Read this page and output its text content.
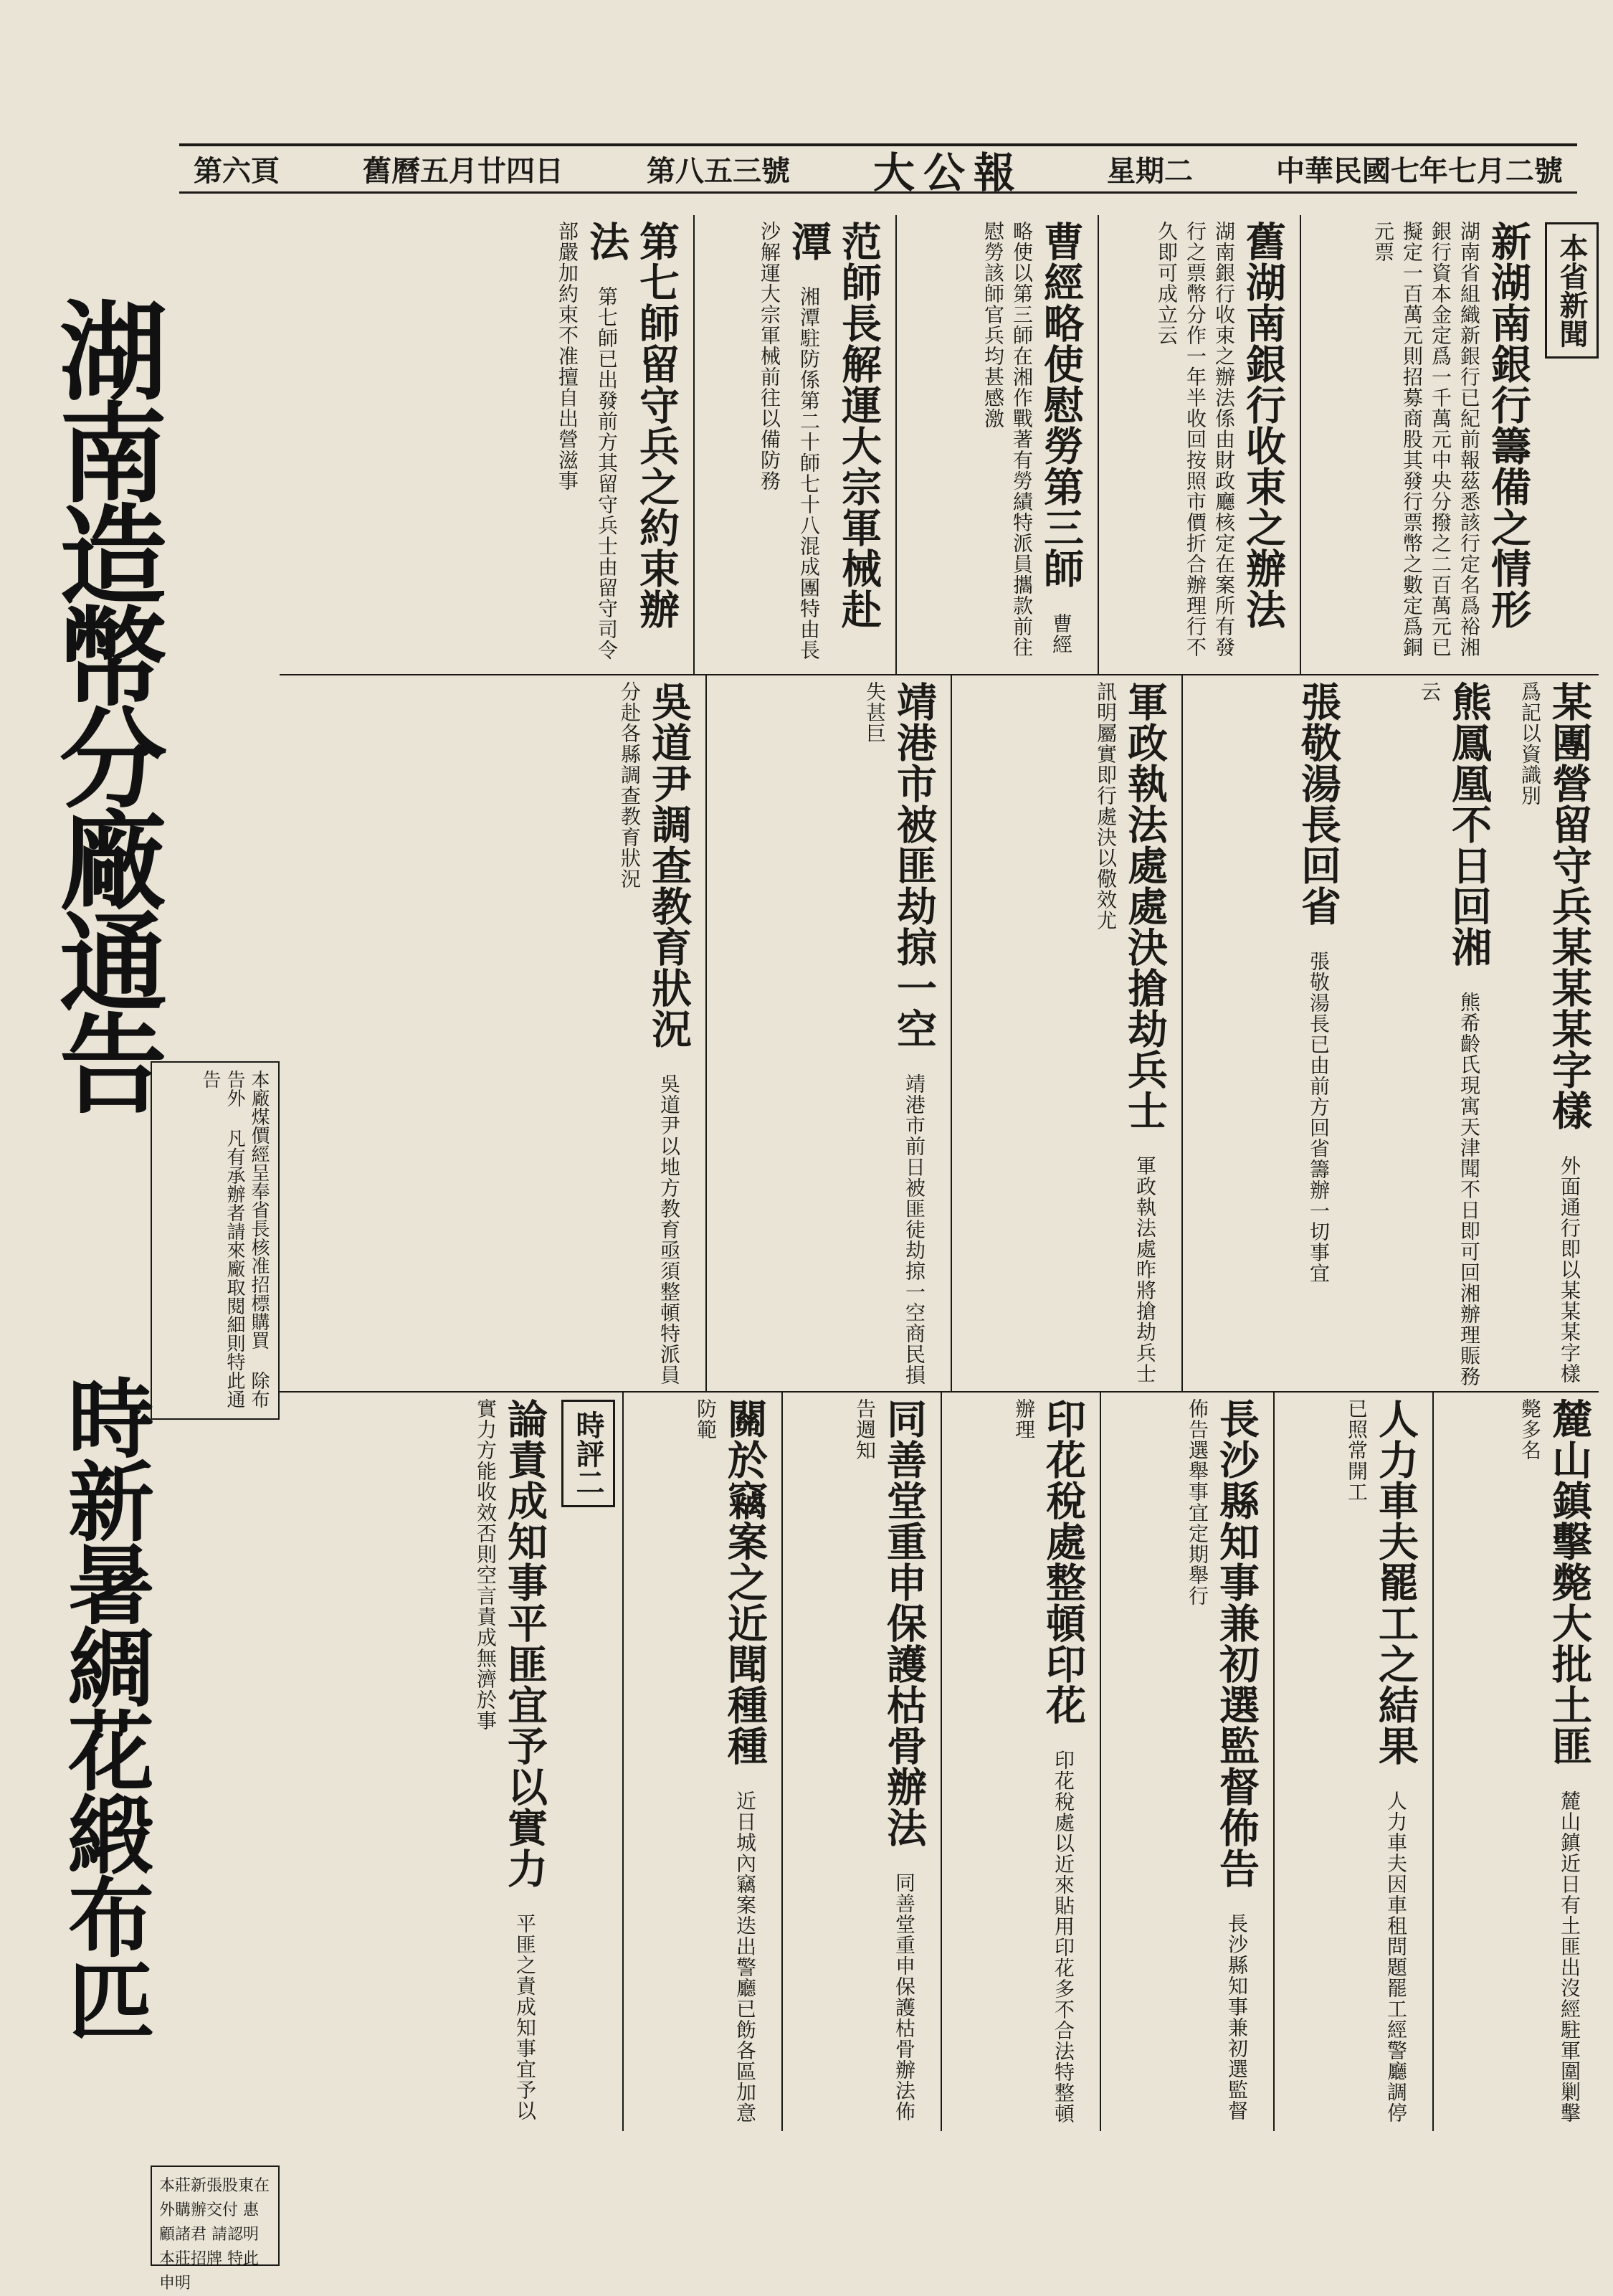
中華民國七年七月二號
星期二
大公報
第八五三號
舊曆五月廿四日
第六頁
湖南造幣分廠通告
時新暑綢花緞布匹
本廠煤價經呈奉省長核准招標購買 除布告外 凡有承辦者請來廠取閱細則特此通告
本莊新張股東在外購辦交付 惠顧諸君 請認明本莊招牌 特此申明
本省新聞
新湖南銀行籌備之情形 湖南省組織新銀行已紀前報茲悉該行定名爲裕湘銀行資本金定爲一千萬元中央分撥之二百萬元已擬定一百萬元則招募商股其發行票幣之數定爲銅元票
舊湖南銀行收束之辦法 湖南銀行收束之辦法係由財政廳核定在案所有發行之票幣分作一年半收回按照市價折合辦理行不久即可成立云
曹經略使慰勞第三師 曹經略使以第三師在湘作戰著有勞績特派員攜款前往慰勞該師官兵均甚感激
范師長解運大宗軍械赴潭 湘潭駐防係第二十師七十八混成團特由長沙解運大宗軍械前往以備防務
第七師留守兵之約束辦法 第七師已出發前方其留守兵士由留守司令部嚴加約束不准擅自出營滋事
某團營留守兵某某某字樣 外面通行即以某某某字樣爲記以資識別
熊鳳凰不日回湘 熊希齡氏現寓天津聞不日即可回湘辦理賑務云
張敬湯長回省 張敬湯長已由前方回省籌辦一切事宜
軍政執法處處決搶劫兵士 軍政執法處昨將搶劫兵士訊明屬實即行處決以儆效尤
靖港市被匪劫掠一空 靖港市前日被匪徒劫掠一空商民損失甚巨
吳道尹調查教育狀況 吳道尹以地方教育亟須整頓特派員分赴各縣調查教育狀況
麓山鎮擊斃大批土匪 麓山鎮近日有土匪出沒經駐軍圍剿擊斃多名
人力車夫罷工之結果 人力車夫因車租問題罷工經警廳調停已照常開工
長沙縣知事兼初選監督佈告 長沙縣知事兼初選監督佈告選舉事宜定期舉行
印花稅處整頓印花 印花稅處以近來貼用印花多不合法特整頓辦理
同善堂重申保護枯骨辦法 同善堂重申保護枯骨辦法佈告週知
關於竊案之近聞種種 近日城內竊案迭出警廳已飭各區加意防範
時評二
論責成知事平匪宜予以實力 平匪之責成知事宜予以實力方能收效否則空言責成無濟於事
